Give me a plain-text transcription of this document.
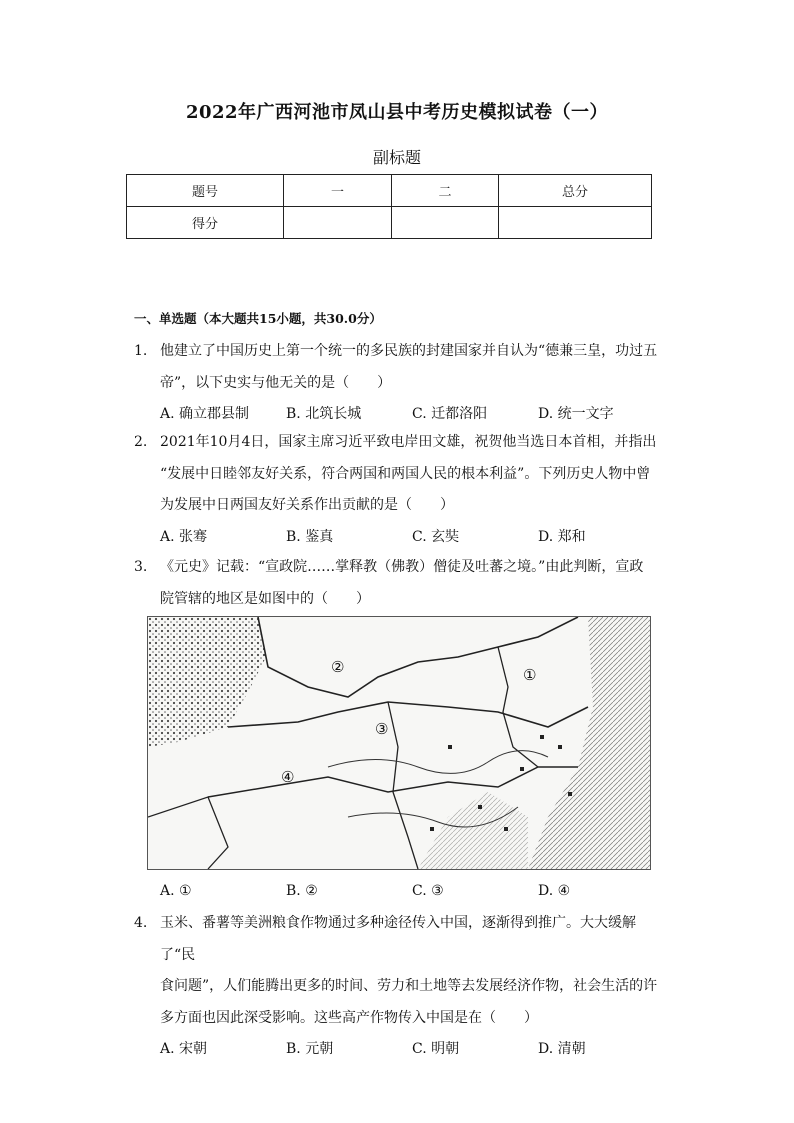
2022年广西河池市凤山县中考历史模拟试卷（一）
副标题
题号	一	二	总分
得分			
一、单选题（本大题共15小题，共30.0分）
1. 他建立了中国历史上第一个统一的多民族的封建国家并自认为“德兼三皇，功过五

帝”，以下史实与他无关的是（　　）

A. 确立郡县制	B. 北筑长城	C. 迁都洛阳	D. 统一文字
2. 2021年10月4日，国家主席习近平致电岸田文雄，祝贺他当选日本首相，并指出

“发展中日睦邻友好关系，符合两国和两国人民的根本利益”。下列历史人物中曾

为发展中日两国友好关系作出贡献的是（　　）

A. 张骞	B. 鉴真	C. 玄奘	D. 郑和
3. 《元史》记载：“宣政院……掌释教（佛教）僧徒及吐蕃之境。”由此判断，宣政

院管辖的地区是如图中的（　　）

①
②
③
④
A. ①	B. ②	C. ③	D. ④
4. 玉米、番薯等美洲粮食作物通过多种途径传入中国，逐渐得到推广。大大缓解了“民

食问题”，人们能腾出更多的时间、劳力和土地等去发展经济作物，社会生活的许

多方面也因此深受影响。这些高产作物传入中国是在（　　）

A. 宋朝	B. 元朝	C. 明朝	D. 清朝
